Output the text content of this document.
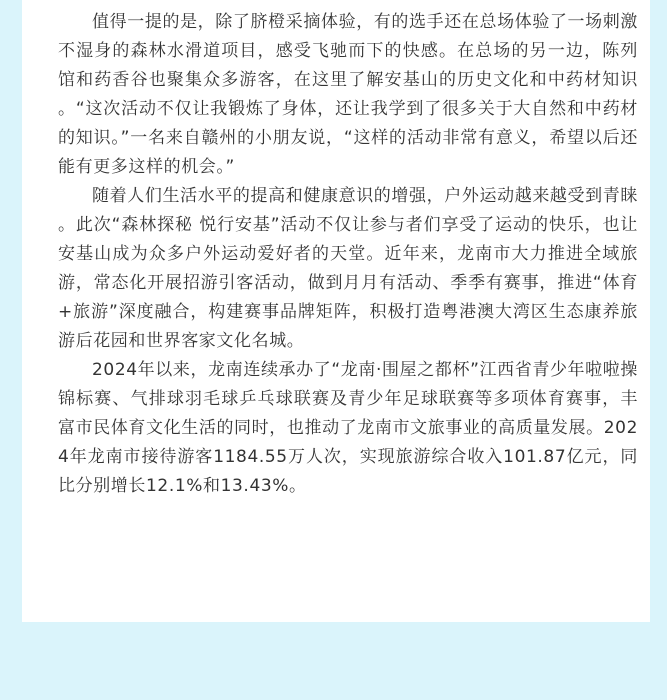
值得一提的是，除了脐橙采摘体验，有的选手还在总场体验了一场刺激不湿身的森林水滑道项目，感受飞驰而下的快感。在总场的另一边，陈列馆和药香谷也聚集众多游客，在这里了解安基山的历史文化和中药材知识。“这次活动不仅让我锻炼了身体，还让我学到了很多关于大自然和中药材的知识。”一名来自赣州的小朋友说，“这样的活动非常有意义，希望以后还能有更多这样的机会。”

随着人们生活水平的提高和健康意识的增强，户外运动越来越受到青睐。此次“森林探秘 悦行安基”活动不仅让参与者们享受了运动的快乐，也让安基山成为众多户外运动爱好者的天堂。近年来，龙南市大力推进全域旅游，常态化开展招游引客活动，做到月月有活动、季季有赛事，推进“体育+旅游”深度融合，构建赛事品牌矩阵，积极打造粤港澳大湾区生态康养旅游后花园和世界客家文化名城。

2024年以来，龙南连续承办了“龙南·围屋之都杯”江西省青少年啦啦操锦标赛、气排球羽毛球乒乓球联赛及青少年足球联赛等多项体育赛事，丰富市民体育文化生活的同时，也推动了龙南市文旅事业的高质量发展。2024年龙南市接待游客1184.55万人次，实现旅游综合收入101.87亿元，同比分别增长12.1%和13.43%。
